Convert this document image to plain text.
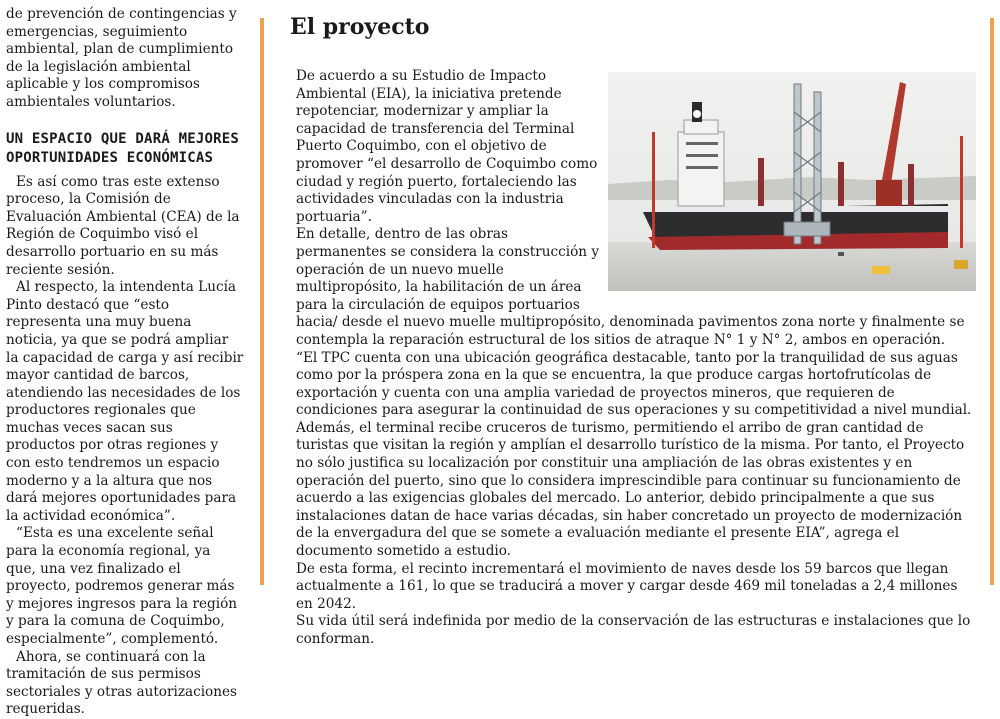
de prevención de contingencias y emergencias, seguimiento ambiental, plan de cumplimiento de la legislación ambiental aplicable y los compromisos ambientales voluntarios.

UN ESPACIO QUE DARÁ MEJORES OPORTUNIDADES ECONÓMICAS

Es así como tras este extenso proceso, la Comisión de Evaluación Ambiental (CEA) de la Región de Coquimbo visó el desarrollo portuario en su más reciente sesión.

Al respecto, la intendenta Lucía Pinto destacó que “esto representa una muy buena noticia, ya que se podrá ampliar la capacidad de carga y así recibir mayor cantidad de barcos, atendiendo las necesidades de los productores regionales que muchas veces sacan sus productos por otras regiones y con esto tendremos un espacio moderno y a la altura que nos dará mejores oportunidades para la actividad económica”.

“Esta es una excelente señal para la economía regional, ya que, una vez finalizado el proyecto, podremos generar más y mejores ingresos para la región y para la comuna de Coquimbo, especialmente”, complementó.

Ahora, se continuará con la tramitación de sus permisos sectoriales y otras autorizaciones requeridas.

El proyecto

De acuerdo a su Estudio de Impacto Ambiental (EIA), la iniciativa pretende repotenciar, modernizar y ampliar la capacidad de transferencia del Terminal Puerto Coquimbo, con el objetivo de promover “el desarrollo de Coquimbo como ciudad y región puerto, fortaleciendo las actividades vinculadas con la industria portuaria”.

En detalle, dentro de las obras permanentes se considera la construcción y operación de un nuevo muelle multipropósito, la habilitación de un área para la circulación de equipos portuarios hacia/ desde el nuevo muelle multipropósito, denominada pavimentos zona norte y finalmente se contempla la reparación estructural de los sitios de atraque N° 1 y N° 2, ambos en operación.

“El TPC cuenta con una ubicación geográfica destacable, tanto por la tranquilidad de sus aguas como por la próspera zona en la que se encuentra, la que produce cargas hortofrutícolas de exportación y cuenta con una amplia variedad de proyectos mineros, que requieren de condiciones para asegurar la continuidad de sus operaciones y su competitividad a nivel mundial. Además, el terminal recibe cruceros de turismo, permitiendo el arribo de gran cantidad de turistas que visitan la región y amplían el desarrollo turístico de la misma. Por tanto, el Proyecto no sólo justifica su localización por constituir una ampliación de las obras existentes y en operación del puerto, sino que lo considera imprescindible para continuar su funcionamiento de acuerdo a las exigencias globales del mercado. Lo anterior, debido principalmente a que sus instalaciones datan de hace varias décadas, sin haber concretado un proyecto de modernización de la envergadura del que se somete a evaluación mediante el presente EIA”, agrega el documento sometido a estudio.

De esta forma, el recinto incrementará el movimiento de naves desde los 59 barcos que llegan actualmente a 161, lo que se traducirá a mover y cargar desde 469 mil toneladas a 2,4 millones en 2042.

Su vida útil será indefinida por medio de la conservación de las estructuras e instalaciones que lo conforman.
